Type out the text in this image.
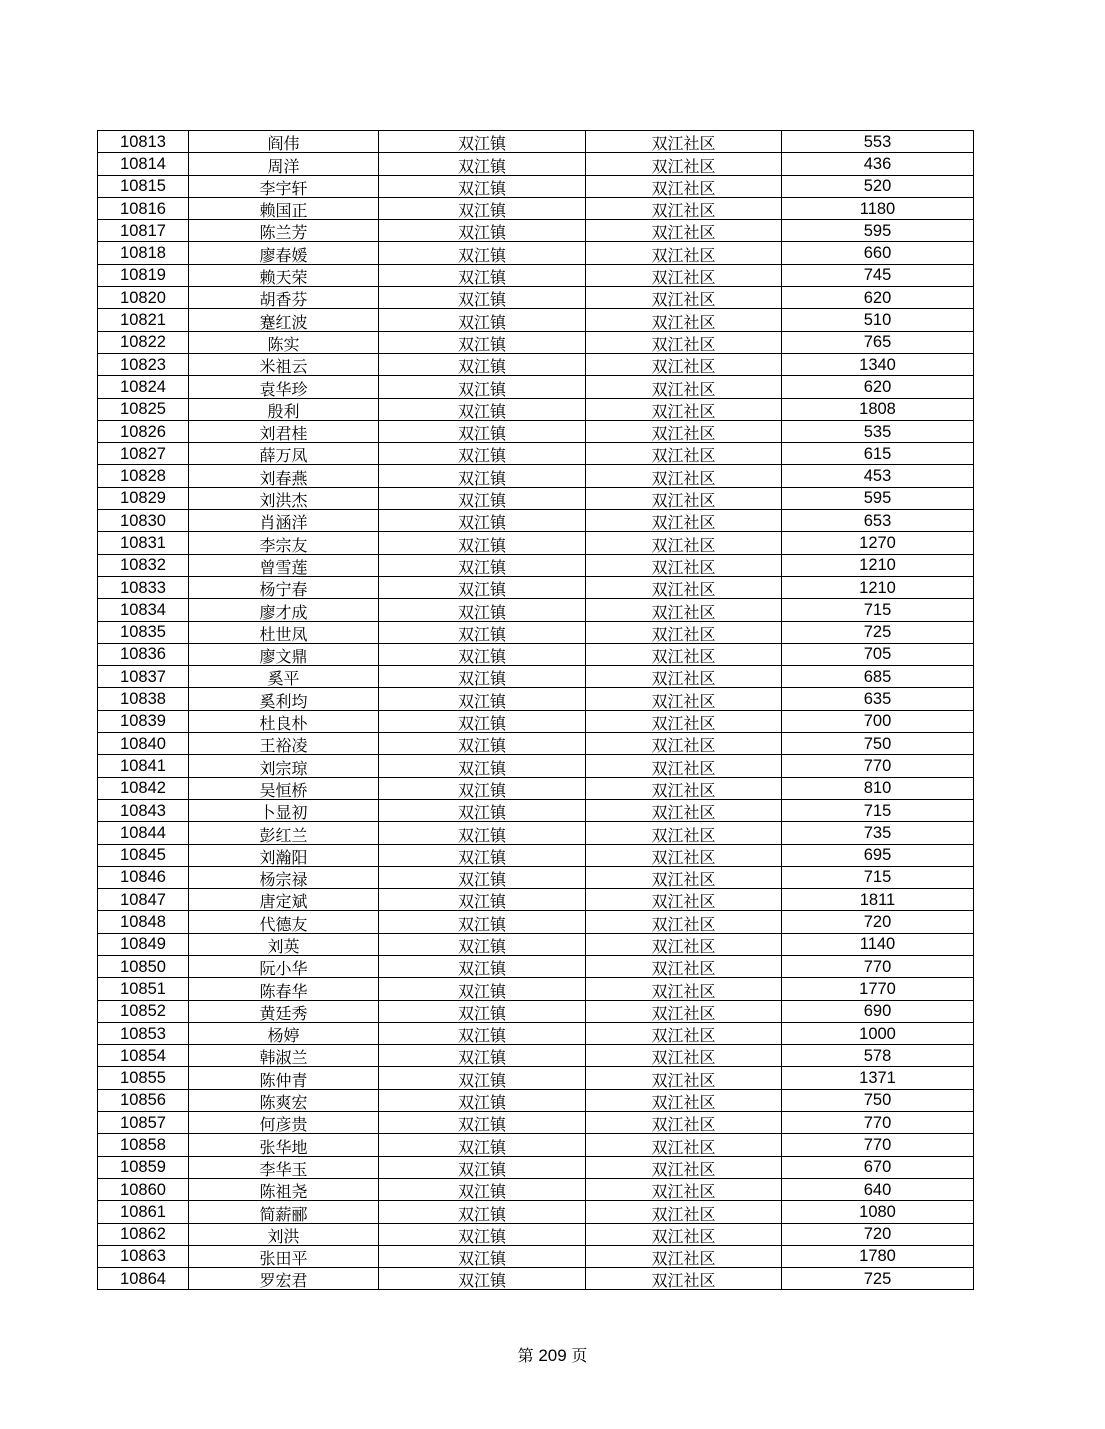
10813	阎伟	双江镇	双江社区	553
10814	周洋	双江镇	双江社区	436
10815	李宇轩	双江镇	双江社区	520
10816	赖国正	双江镇	双江社区	1180
10817	陈兰芳	双江镇	双江社区	595
10818	廖春媛	双江镇	双江社区	660
10819	赖天荣	双江镇	双江社区	745
10820	胡香芬	双江镇	双江社区	620
10821	蹇红波	双江镇	双江社区	510
10822	陈实	双江镇	双江社区	765
10823	米祖云	双江镇	双江社区	1340
10824	袁华珍	双江镇	双江社区	620
10825	殷利	双江镇	双江社区	1808
10826	刘君桂	双江镇	双江社区	535
10827	薛万凤	双江镇	双江社区	615
10828	刘春燕	双江镇	双江社区	453
10829	刘洪杰	双江镇	双江社区	595
10830	肖涵洋	双江镇	双江社区	653
10831	李宗友	双江镇	双江社区	1270
10832	曾雪莲	双江镇	双江社区	1210
10833	杨宁春	双江镇	双江社区	1210
10834	廖才成	双江镇	双江社区	715
10835	杜世凤	双江镇	双江社区	725
10836	廖文鼎	双江镇	双江社区	705
10837	奚平	双江镇	双江社区	685
10838	奚利均	双江镇	双江社区	635
10839	杜良朴	双江镇	双江社区	700
10840	王裕凌	双江镇	双江社区	750
10841	刘宗琼	双江镇	双江社区	770
10842	吴恒桥	双江镇	双江社区	810
10843	卜显初	双江镇	双江社区	715
10844	彭红兰	双江镇	双江社区	735
10845	刘瀚阳	双江镇	双江社区	695
10846	杨宗禄	双江镇	双江社区	715
10847	唐定斌	双江镇	双江社区	1811
10848	代德友	双江镇	双江社区	720
10849	刘英	双江镇	双江社区	1140
10850	阮小华	双江镇	双江社区	770
10851	陈春华	双江镇	双江社区	1770
10852	黄廷秀	双江镇	双江社区	690
10853	杨婷	双江镇	双江社区	1000
10854	韩淑兰	双江镇	双江社区	578
10855	陈仲青	双江镇	双江社区	1371
10856	陈爽宏	双江镇	双江社区	750
10857	何彦贵	双江镇	双江社区	770
10858	张华地	双江镇	双江社区	770
10859	李华玉	双江镇	双江社区	670
10860	陈祖尧	双江镇	双江社区	640
10861	简薪郦	双江镇	双江社区	1080
10862	刘洪	双江镇	双江社区	720
10863	张田平	双江镇	双江社区	1780
10864	罗宏君	双江镇	双江社区	725
第 209 页
